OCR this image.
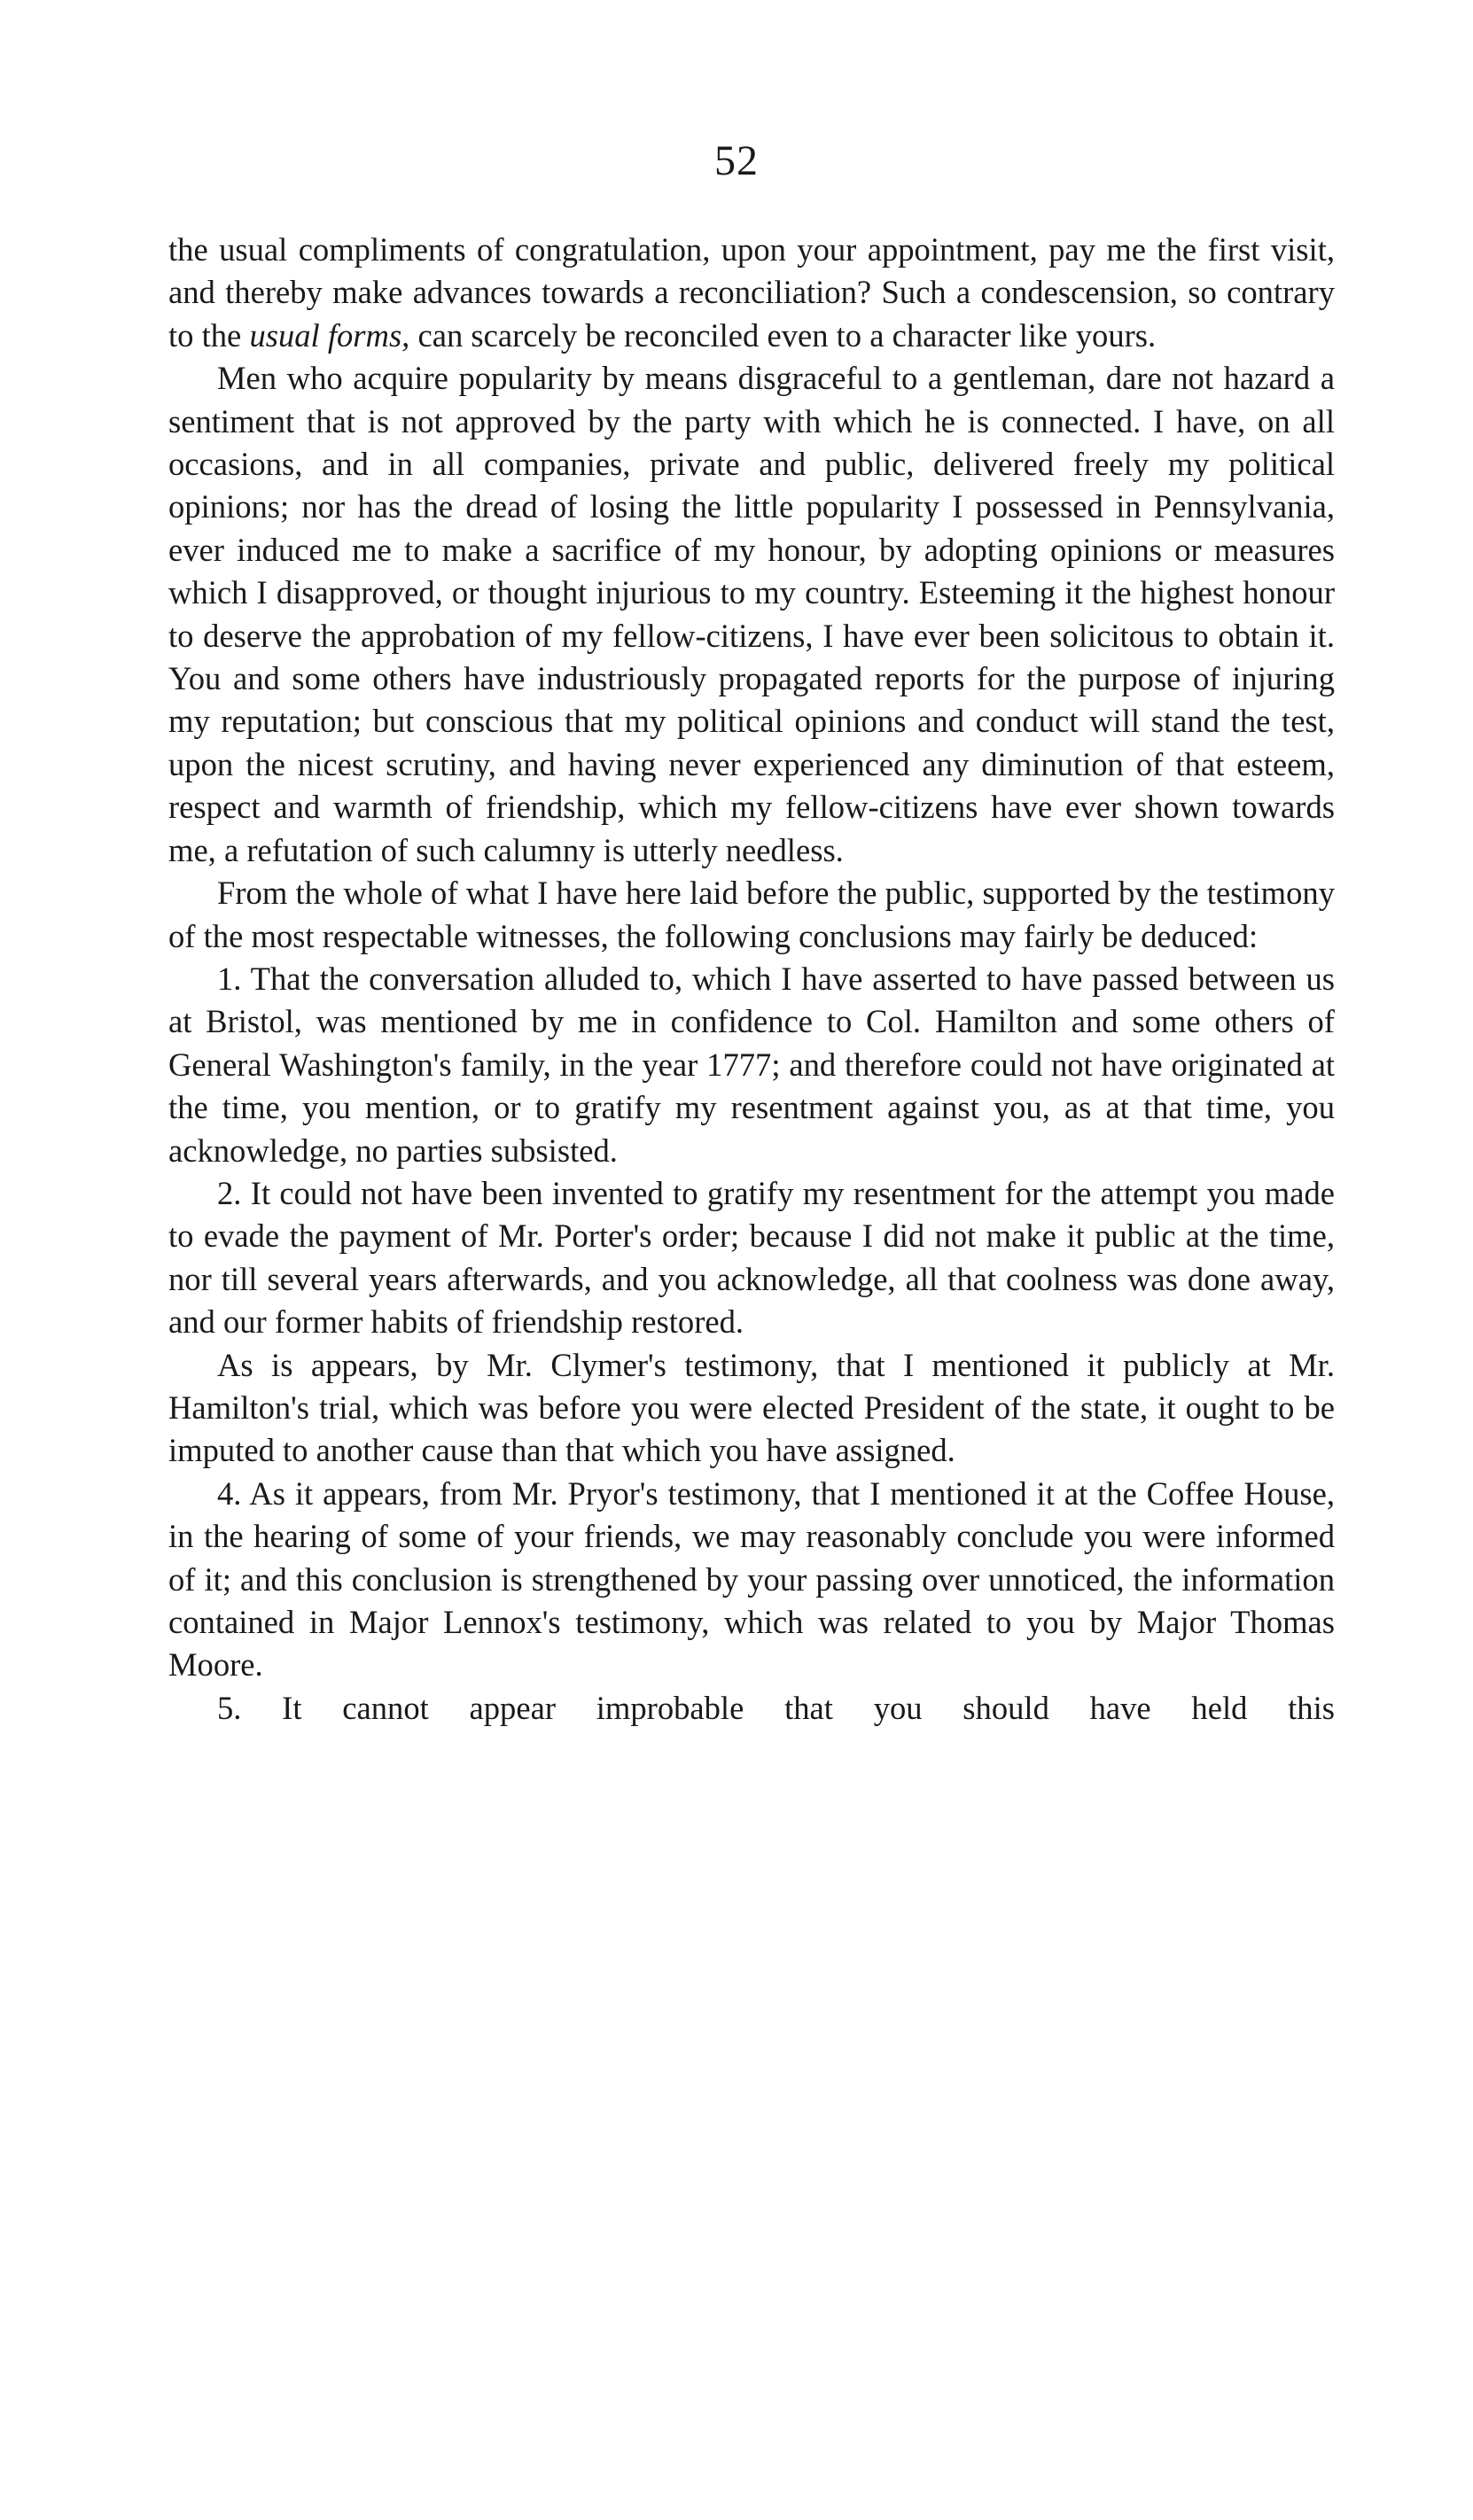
52

the usual compliments of congratulation, upon your appointment, pay me the first visit, and thereby make advances towards a reconciliation? Such a condescension, so contrary to the usual forms, can scarcely be reconciled even to a character like yours.

Men who acquire popularity by means disgraceful to a gentleman, dare not hazard a sentiment that is not approved by the party with which he is connected. I have, on all occasions, and in all companies, private and public, delivered freely my political opinions; nor has the dread of losing the little popularity I possessed in Pennsylvania, ever induced me to make a sacrifice of my honour, by adopting opinions or measures which I disapproved, or thought injurious to my country. Esteeming it the highest honour to deserve the approbation of my fellow-citizens, I have ever been solicitous to obtain it. You and some others have industriously propagated reports for the purpose of injuring my reputation; but conscious that my political opinions and conduct will stand the test, upon the nicest scrutiny, and having never experienced any diminution of that esteem, respect and warmth of friendship, which my fellow-citizens have ever shown towards me, a refutation of such calumny is utterly needless.

From the whole of what I have here laid before the public, supported by the testimony of the most respectable witnesses, the following conclusions may fairly be deduced:

1. That the conversation alluded to, which I have asserted to have passed between us at Bristol, was mentioned by me in confidence to Col. Hamilton and some others of General Washington's family, in the year 1777; and therefore could not have originated at the time, you mention, or to gratify my resentment against you, as at that time, you acknowledge, no parties subsisted.

2. It could not have been invented to gratify my resentment for the attempt you made to evade the payment of Mr. Porter's order; because I did not make it public at the time, nor till several years afterwards, and you acknowledge, all that coolness was done away, and our former habits of friendship restored.

As is appears, by Mr. Clymer's testimony, that I mentioned it publicly at Mr. Hamilton's trial, which was before you were elected President of the state, it ought to be imputed to another cause than that which you have assigned.

4. As it appears, from Mr. Pryor's testimony, that I mentioned it at the Coffee House, in the hearing of some of your friends, we may reasonably conclude you were informed of it; and this conclusion is strengthened by your passing over unnoticed, the information contained in Major Lennox's testimony, which was related to you by Major Thomas Moore.

5. It cannot appear improbable that you should have held this
